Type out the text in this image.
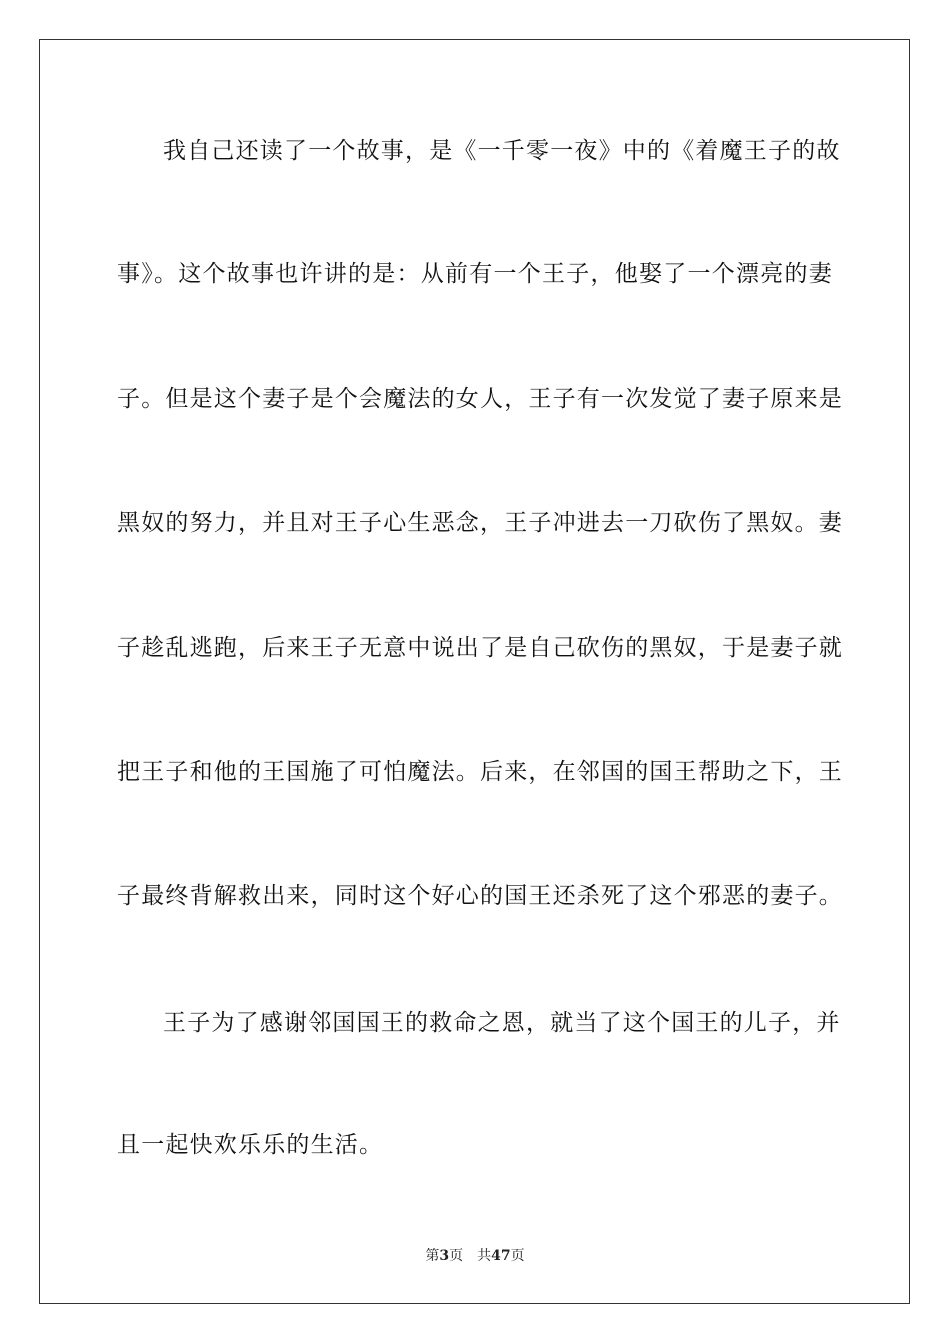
我自己还读了一个故事，是《一千零一夜》中的《着魔王子的故
事》。这个故事也许讲的是：从前有一个王子，他娶了一个漂亮的妻
子。但是这个妻子是个会魔法的女人，王子有一次发觉了妻子原来是
黑奴的努力，并且对王子心生恶念，王子冲进去一刀砍伤了黑奴。妻
子趁乱逃跑，后来王子无意中说出了是自己砍伤的黑奴，于是妻子就
把王子和他的王国施了可怕魔法。后来，在邻国的国王帮助之下，王
子最终背解救出来，同时这个好心的国王还杀死了这个邪恶的妻子。
王子为了感谢邻国国王的救命之恩，就当了这个国王的儿子，并
且一起快欢乐乐的生活。
第3页 共47页
